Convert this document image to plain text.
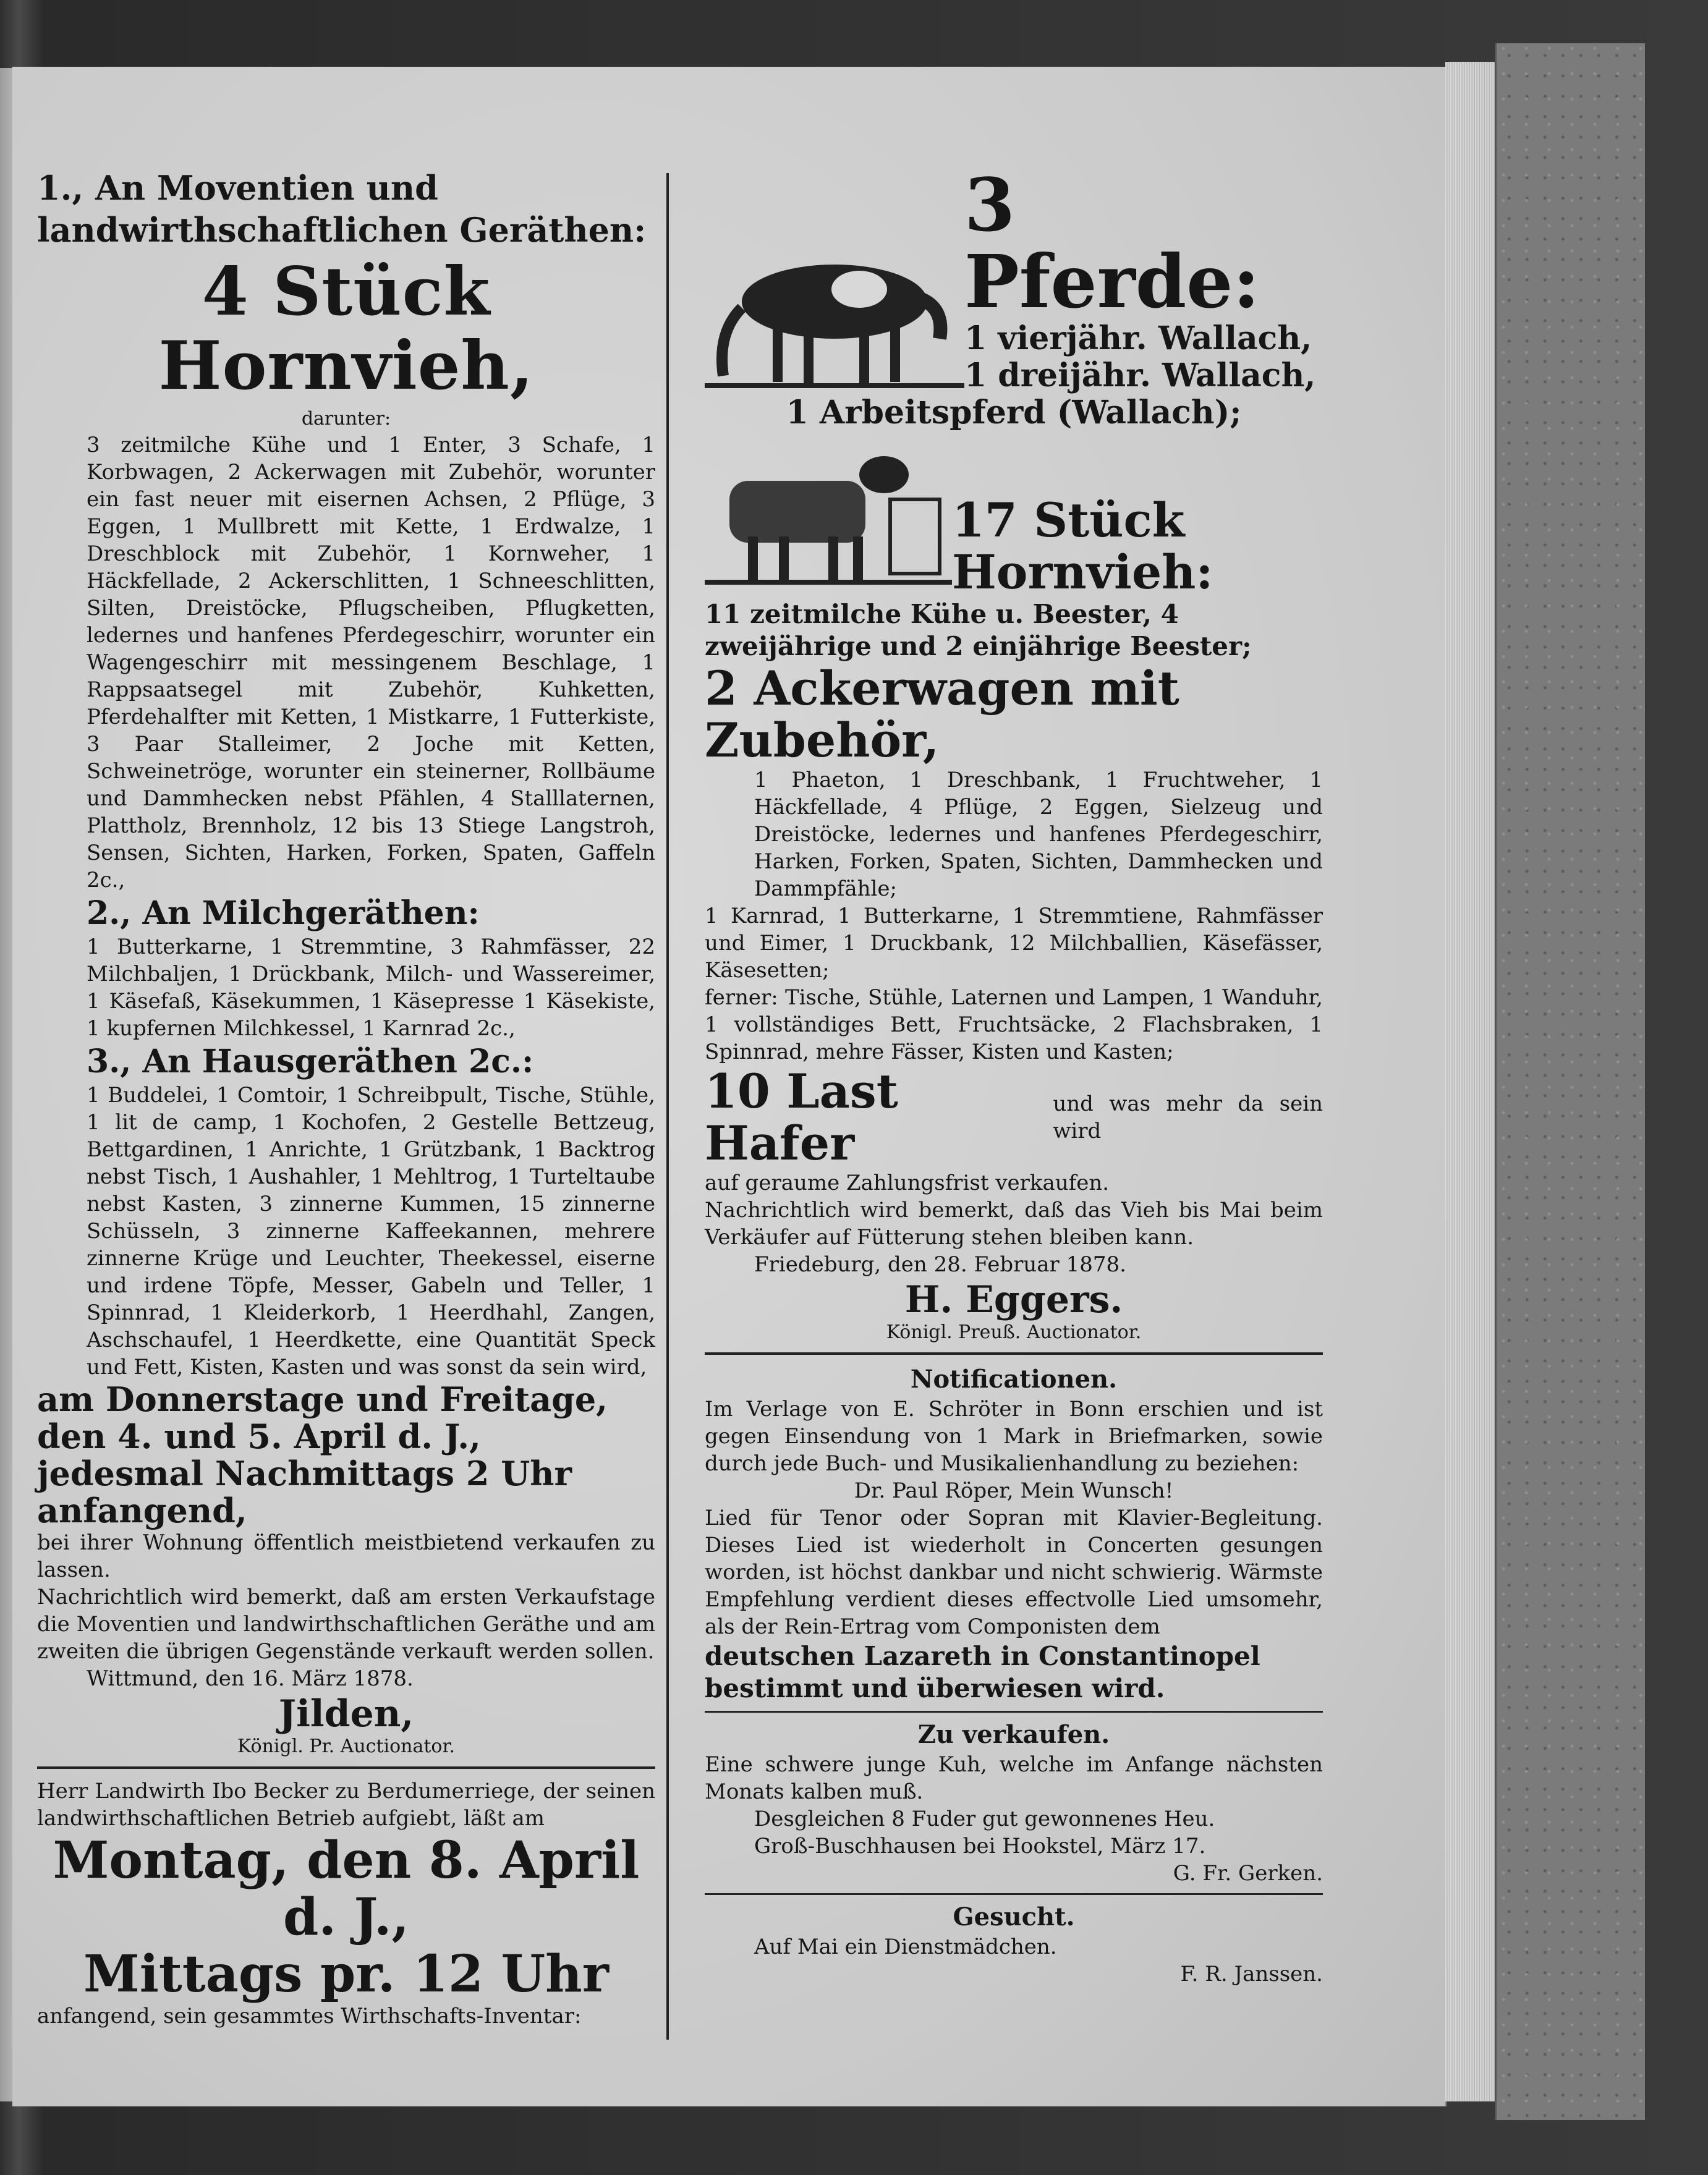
1., An Moventien und landwirthschaftlichen Geräthen:
4 Stück Hornvieh,
darunter:
3 zeitmilche Kühe und 1 Enter, 3 Schafe, 1 Korbwagen, 2 Ackerwagen mit Zubehör, worunter ein fast neuer mit eisernen Achsen, 2 Pflüge, 3 Eggen, 1 Mullbrett mit Kette, 1 Erdwalze, 1 Dreschblock mit Zubehör, 1 Kornweher, 1 Häckfellade, 2 Ackerschlitten, 1 Schneeschlitten, Silten, Dreistöcke, Pflugscheiben, Pflugketten, ledernes und hanfenes Pferdegeschirr, worunter ein Wagengeschirr mit messingenem Beschlage, 1 Rappsaatsegel mit Zubehör, Kuhketten, Pferdehalfter mit Ketten, 1 Mistkarre, 1 Futterkiste, 3 Paar Stalleimer, 2 Joche mit Ketten, Schweinetröge, worunter ein steinerner, Rollbäume und Dammhecken nebst Pfählen, 4 Stalllaternen, Plattholz, Brennholz, 12 bis 13 Stiege Langstroh, Sensen, Sichten, Harken, Forken, Spaten, Gaffeln 2c.,
2., An Milchgeräthen:
1 Butterkarne, 1 Stremmtine, 3 Rahmfässer, 22 Milchbaljen, 1 Drückbank, Milch- und Wassereimer, 1 Käsefaß, Käsekummen, 1 Käsepresse 1 Käsekiste, 1 kupfernen Milchkessel, 1 Karnrad 2c.,
3., An Hausgeräthen 2c.:
1 Buddelei, 1 Comtoir, 1 Schreibpult, Tische, Stühle, 1 lit de camp, 1 Kochofen, 2 Gestelle Bettzeug, Bettgardinen, 1 Anrichte, 1 Grützbank, 1 Backtrog nebst Tisch, 1 Aushahler, 1 Mehltrog, 1 Turteltaube nebst Kasten, 3 zinnerne Kummen, 15 zinnerne Schüsseln, 3 zinnerne Kaffeekannen, mehrere zinnerne Krüge und Leuchter, Theekessel, eiserne und irdene Töpfe, Messer, Gabeln und Teller, 1 Spinnrad, 1 Kleiderkorb, 1 Heerdhahl, Zangen, Aschschaufel, 1 Heerdkette, eine Quantität Speck und Fett, Kisten, Kasten und was sonst da sein wird,
am Donnerstage und Freitage, den 4. und 5. April d. J., jedesmal Nachmittags 2 Uhr anfangend,
bei ihrer Wohnung öffentlich meistbietend verkaufen zu lassen.
Nachrichtlich wird bemerkt, daß am ersten Verkaufstage die Moventien und landwirthschaftlichen Geräthe und am zweiten die übrigen Gegenstände verkauft werden sollen.
Wittmund, den 16. März 1878.
Jilden,
Königl. Pr. Auctionator.
Herr Landwirth Ibo Becker zu Berdumerriege, der seinen landwirthschaftlichen Betrieb aufgiebt, läßt am
Montag, den 8. April d. J.,
Mittags pr. 12 Uhr
anfangend, sein gesammtes Wirthschafts-Inventar:
3 Pferde:
1 vierjähr. Wallach,
1 dreijähr. Wallach,
1 Arbeitspferd (Wallach);
17 Stück
Hornvieh:
11 zeitmilche Kühe u. Beester, 4 zweijährige und 2 einjährige Beester;
2 Ackerwagen mit Zubehör,
1 Phaeton, 1 Dreschbank, 1 Fruchtweher, 1 Häckfellade, 4 Pflüge, 2 Eggen, Sielzeug und Dreistöcke, ledernes und hanfenes Pferdegeschirr, Harken, Forken, Spaten, Sichten, Dammhecken und Dammpfähle;
1 Karnrad, 1 Butterkarne, 1 Stremmtiene, Rahmfässer und Eimer, 1 Druckbank, 12 Milchballien, Käsefässer, Käsesetten;
ferner: Tische, Stühle, Laternen und Lampen, 1 Wanduhr, 1 vollständiges Bett, Fruchtsäcke, 2 Flachsbraken, 1 Spinnrad, mehre Fässer, Kisten und Kasten;
10 Last Hafer
und was mehr da sein wird
auf geraume Zahlungsfrist verkaufen.
Nachrichtlich wird bemerkt, daß das Vieh bis Mai beim Verkäufer auf Fütterung stehen bleiben kann.
Friedeburg, den 28. Februar 1878.
H. Eggers.
Königl. Preuß. Auctionator.
Notificationen.
Im Verlage von E. Schröter in Bonn erschien und ist gegen Einsendung von 1 Mark in Briefmarken, sowie durch jede Buch- und Musikalienhandlung zu beziehen:
Dr. Paul Röper, Mein Wunsch!
Lied für Tenor oder Sopran mit Klavier-Begleitung. Dieses Lied ist wiederholt in Concerten gesungen worden, ist höchst dankbar und nicht schwierig. Wärmste Empfehlung verdient dieses effectvolle Lied umsomehr, als der Rein-Ertrag vom Componisten dem
deutschen Lazareth in Constantinopel bestimmt und überwiesen wird.
Zu verkaufen.
Eine schwere junge Kuh, welche im Anfange nächsten Monats kalben muß.
Desgleichen 8 Fuder gut gewonnenes Heu.
Groß-Buschhausen bei Hookstel, März 17.
G. Fr. Gerken.
Gesucht.
Auf Mai ein Dienstmädchen.
F. R. Janssen.
